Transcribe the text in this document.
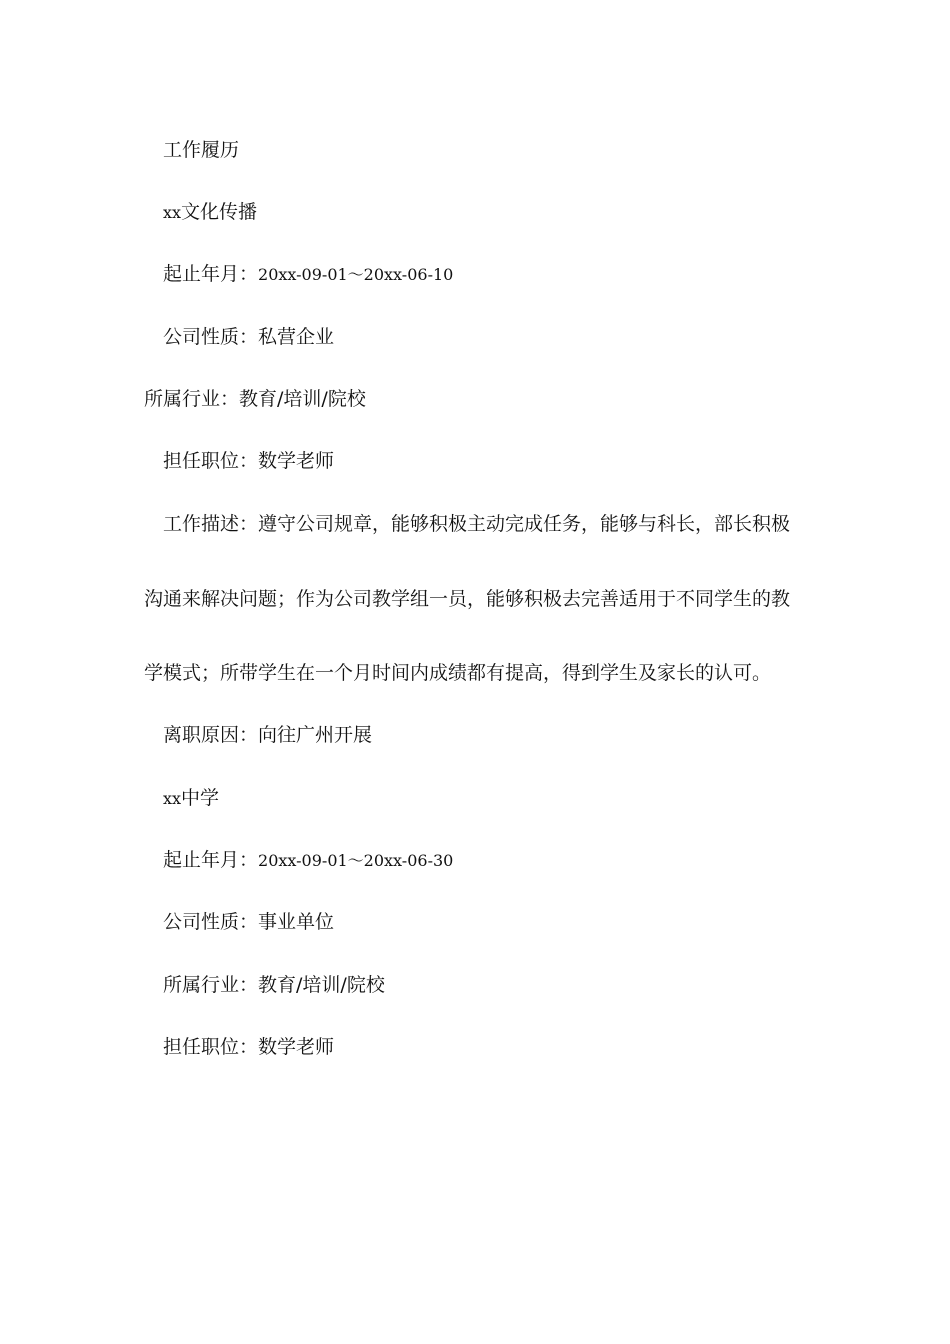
工作履历
xx文化传播
起止年月：20xx-09-01～20xx-06-10
公司性质：私营企业
所属行业：教育/培训/院校
担任职位：数学老师
工作描述：遵守公司规章，能够积极主动完成任务，能够与科长，部长积极
沟通来解决问题；作为公司教学组一员，能够积极去完善适用于不同学生的教
学模式；所带学生在一个月时间内成绩都有提高，得到学生及家长的认可。
离职原因：向往广州开展
xx中学
起止年月：20xx-09-01～20xx-06-30
公司性质：事业单位
所属行业：教育/培训/院校
担任职位：数学老师
